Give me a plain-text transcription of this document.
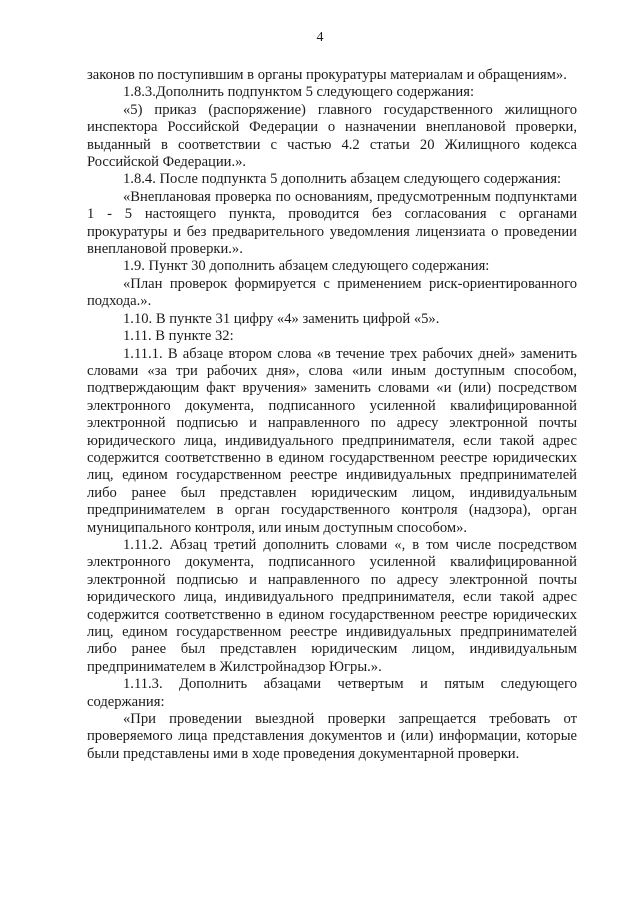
4

законов по поступившим в органы прокуратуры материалам и обращениям».

1.8.3.Дополнить подпунктом 5 следующего содержания:

«5) приказ (распоряжение) главного государственного жилищного инспектора Российской Федерации о назначении внеплановой проверки, выданный в соответствии с частью 4.2 статьи 20 Жилищного кодекса Российской Федерации.».

1.8.4. После подпункта 5 дополнить абзацем следующего содержания:

«Внеплановая проверка по основаниям, предусмотренным подпунктами 1 - 5 настоящего пункта, проводится без согласования с органами прокуратуры и без предварительного уведомления лицензиата о проведении внеплановой проверки.».

1.9. Пункт 30 дополнить абзацем следующего содержания:

«План проверок формируется с применением риск-ориентированного подхода.».

1.10. В пункте 31 цифру «4» заменить цифрой «5».

1.11. В пункте 32:

1.11.1. В абзаце втором слова «в течение трех рабочих дней» заменить словами «за три рабочих дня», слова «или иным доступным способом, подтверждающим факт вручения» заменить словами «и (или) посредством электронного документа, подписанного усиленной квалифицированной электронной подписью и направленного по адресу электронной почты юридического лица, индивидуального предпринимателя, если такой адрес содержится соответственно в едином государственном реестре юридических лиц, едином государственном реестре индивидуальных предпринимателей либо ранее был представлен юридическим лицом, индивидуальным предпринимателем в орган государственного контроля (надзора), орган муниципального контроля, или иным доступным способом».

1.11.2. Абзац третий дополнить словами «, в том числе посредством электронного документа, подписанного усиленной квалифицированной электронной подписью и направленного по адресу электронной почты юридического лица, индивидуального предпринимателя, если такой адрес содержится соответственно в едином государственном реестре юридических лиц, едином государственном реестре индивидуальных предпринимателей либо ранее был представлен юридическим лицом, индивидуальным предпринимателем в Жилстройнадзор Югры.».

1.11.3. Дополнить абзацами четвертым и пятым следующего содержания:

«При проведении выездной проверки запрещается требовать от проверяемого лица представления документов и (или) информации, которые были представлены ими в ходе проведения документарной проверки.
